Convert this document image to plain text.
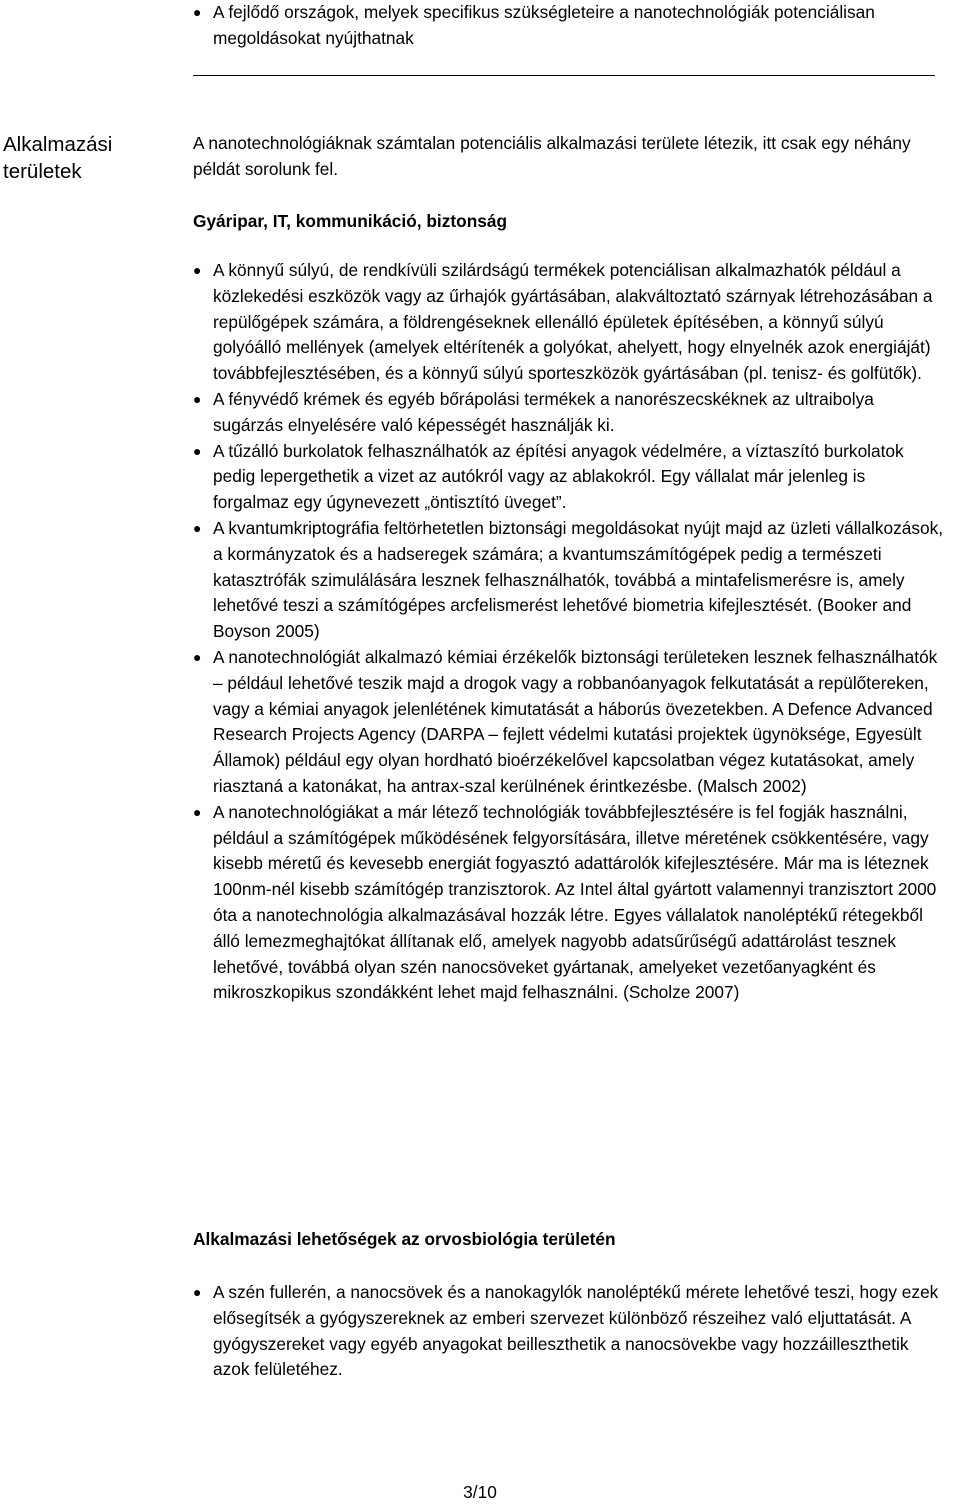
● A fejlődő országok, melyek specifikus szükségleteire a nanotechnológiák potenciálisan megoldásokat nyújthatnak
Alkalmazási területek
A nanotechnológiáknak számtalan potenciális alkalmazási területe létezik, itt csak egy néhány példát sorolunk fel.
Gyáripar, IT, kommunikáció, biztonság
● A könnyű súlyú, de rendkívüli szilárdságú termékek potenciálisan alkalmazhatók például a közlekedési eszközök vagy az űrhajók gyártásában, alakváltoztató szárnyak létrehozásában a repülőgépek számára, a földrengéseknek ellenálló épületek építésében, a könnyű súlyú golyóálló mellények (amelyek eltérítenék a golyókat, ahelyett, hogy elnyelnék azok energiáját) továbbfejlesztésében, és a könnyű súlyú sporteszközök gyártásában (pl. tenisz- és golfütők).
● A fényvédő krémek és egyéb bőrápolási termékek a nanorészecskéknek az ultraibolya sugárzás elnyelésére való képességét használják ki.
● A tűzálló burkolatok felhasználhatók az építési anyagok védelmére, a víztaszító burkolatok pedig lepergethetik a vizet az autókról vagy az ablakokról. Egy vállalat már jelenleg is forgalmaz egy úgynevezett „öntisztító üveget”.
● A kvantumkriptográfia feltörhetetlen biztonsági megoldásokat nyújt majd az üzleti vállalkozások, a kormányzatok és a hadseregek számára; a kvantumszámítógépek pedig a természeti katasztrófák szimulálására lesznek felhasználhatók, továbbá a mintafelismerésre is, amely lehetővé teszi a számítógépes arcfelismerést lehetővé biometria kifejlesztését. (Booker and Boyson 2005)
● A nanotechnológiát alkalmazó kémiai érzékelők biztonsági területeken lesznek felhasználhatók – például lehetővé teszik majd a drogok vagy a robbanóanyagok felkutatását a repülőtereken, vagy a kémiai anyagok jelenlétének kimutatását a háborús övezetekben. A Defence Advanced Research Projects Agency (DARPA – fejlett védelmi kutatási projektek ügynöksége, Egyesült Államok) például egy olyan hordható bioérzékelővel kapcsolatban végez kutatásokat, amely riasztaná a katonákat, ha antrax-szal kerülnének érintkezésbe. (Malsch 2002)
● A nanotechnológiákat a már létező technológiák továbbfejlesztésére is fel fogják használni, például a számítógépek működésének felgyorsítására, illetve méretének csökkentésére, vagy kisebb méretű és kevesebb energiát fogyasztó adattárolók kifejlesztésére. Már ma is léteznek 100nm-nél kisebb számítógép tranzisztorok. Az Intel által gyártott valamennyi tranzisztort 2000 óta a nanotechnológia alkalmazásával hozzák létre. Egyes vállalatok nanoléptékű rétegekből álló lemezmeghajtókat állítanak elő, amelyek nagyobb adatsűrűségű adattárolást tesznek lehetővé, továbbá olyan szén nanocsöveket gyártanak, amelyeket vezetőanyagként és mikroszkopikus szondákként lehet majd felhasználni. (Scholze 2007)
Alkalmazási lehetőségek az orvosbiológia területén
● A szén fullerén, a nanocsövek és a nanokagylók nanoléptékű mérete lehetővé teszi, hogy ezek elősegítsék a gyógyszereknek az emberi szervezet különböző részeihez való eljuttatását. A gyógyszereket vagy egyéb anyagokat beilleszthetik a nanocsövekbe vagy hozzáilleszthetik azok felületéhez.
3/10
